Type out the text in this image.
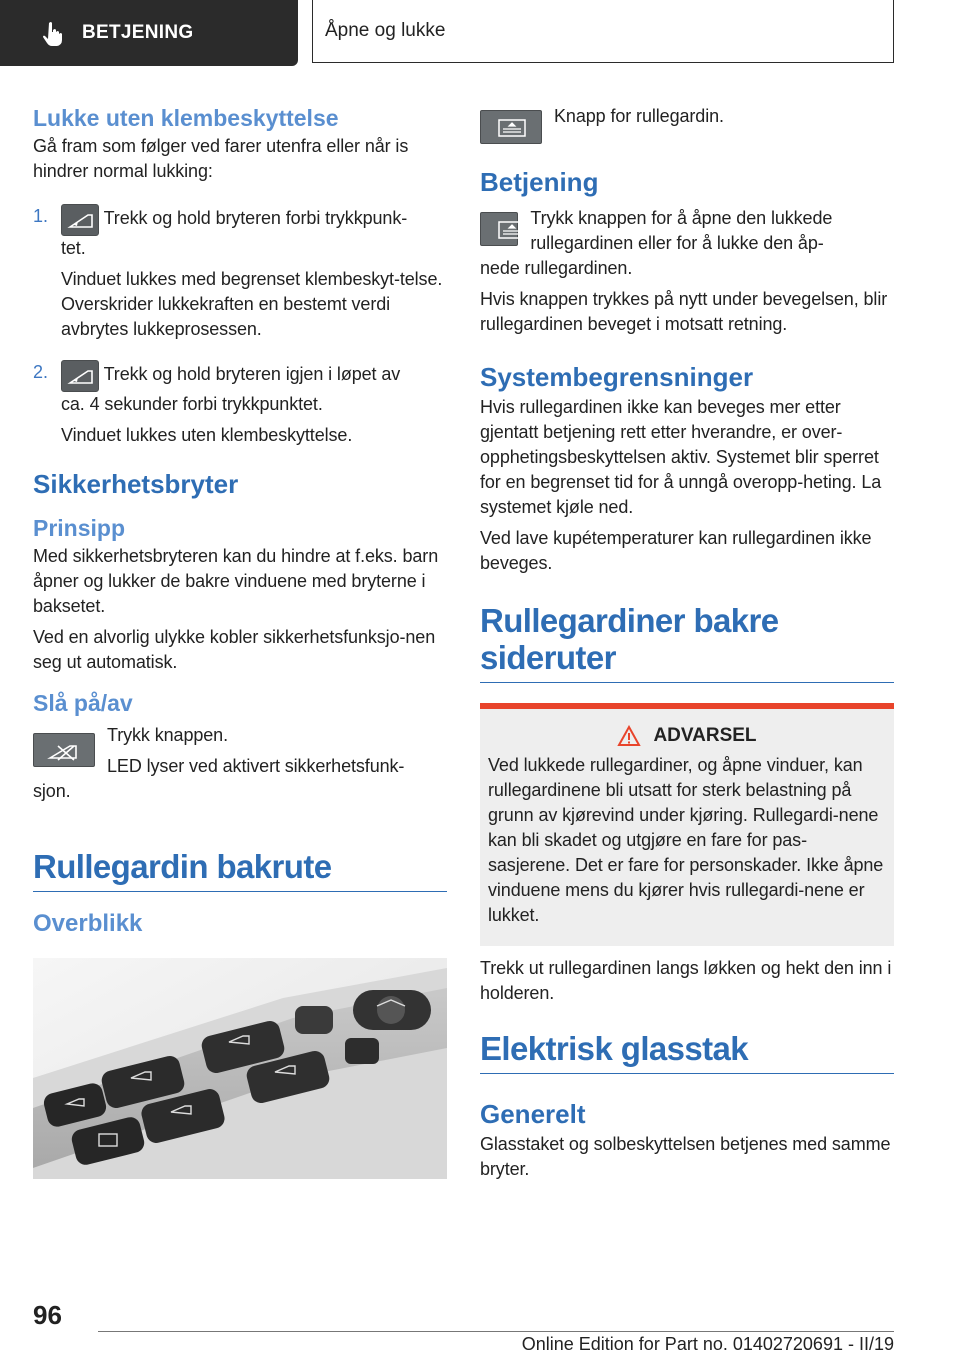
BETJENING	Åpne og lukke
Lukke uten klembeskyttelse

Gå fram som følger ved farer utenfra eller når is hindrer normal lukking:

1.	Trekk og hold bryteren forbi trykkpunk-

tet.

Vinduet lukkes med begrenset klembeskyt-telse. Overskrider lukkekraften en bestemt verdi avbrytes lukkeprosessen.

2.	Trekk og hold bryteren igjen i løpet av

ca. 4 sekunder forbi trykkpunktet.

Vinduet lukkes uten klembeskyttelse.

Sikkerhetsbryter
Prinsipp

Med sikkerhetsbryteren kan du hindre at f.eks. barn åpner og lukker de bakre vinduene med bryterne i baksetet.

Ved en alvorlig ulykke kobler sikkerhetsfunksjo-nen seg ut automatisk.

Slå på/av

Trykk knappen.

LED lyser ved aktivert sikkerhetsfunk-

sjon.

Rullegardin bakrute
Overblikk

Knapp for rullegardin.

Betjening

Trykk knappen for å åpne den lukkede rullegardinen eller for å lukke den åp-

nede rullegardinen.

Hvis knappen trykkes på nytt under bevegelsen, blir rullegardinen beveget i motsatt retning.

Systembegrensninger

Hvis rullegardinen ikke kan beveges mer etter gjentatt betjening rett etter hverandre, er over-opphetingsbeskyttelsen aktiv. Systemet blir sperret for en begrenset tid for å unngå overopp-heting. La systemet kjøle ned.

Ved lave kupétemperaturer kan rullegardinen ikke beveges.

Rullegardiner bakre
sideruter
ADVARSEL

Ved lukkede rullegardiner, og åpne vinduer, kan rullegardinene bli utsatt for sterk belastning på grunn av kjørevind under kjøring. Rullegardi-nene kan bli skadet og utgjøre en fare for pas-sasjerene. Det er fare for personskader. Ikke åpne vinduene mens du kjører hvis rullegardi-nene er lukket.

Trekk ut rullegardinen langs løkken og hekt den inn i holderen.

Elektrisk glasstak
Generelt

Glasstaket og solbeskyttelsen betjenes med samme bryter.

96
Online Edition for Part no. 01402720691 - II/19
